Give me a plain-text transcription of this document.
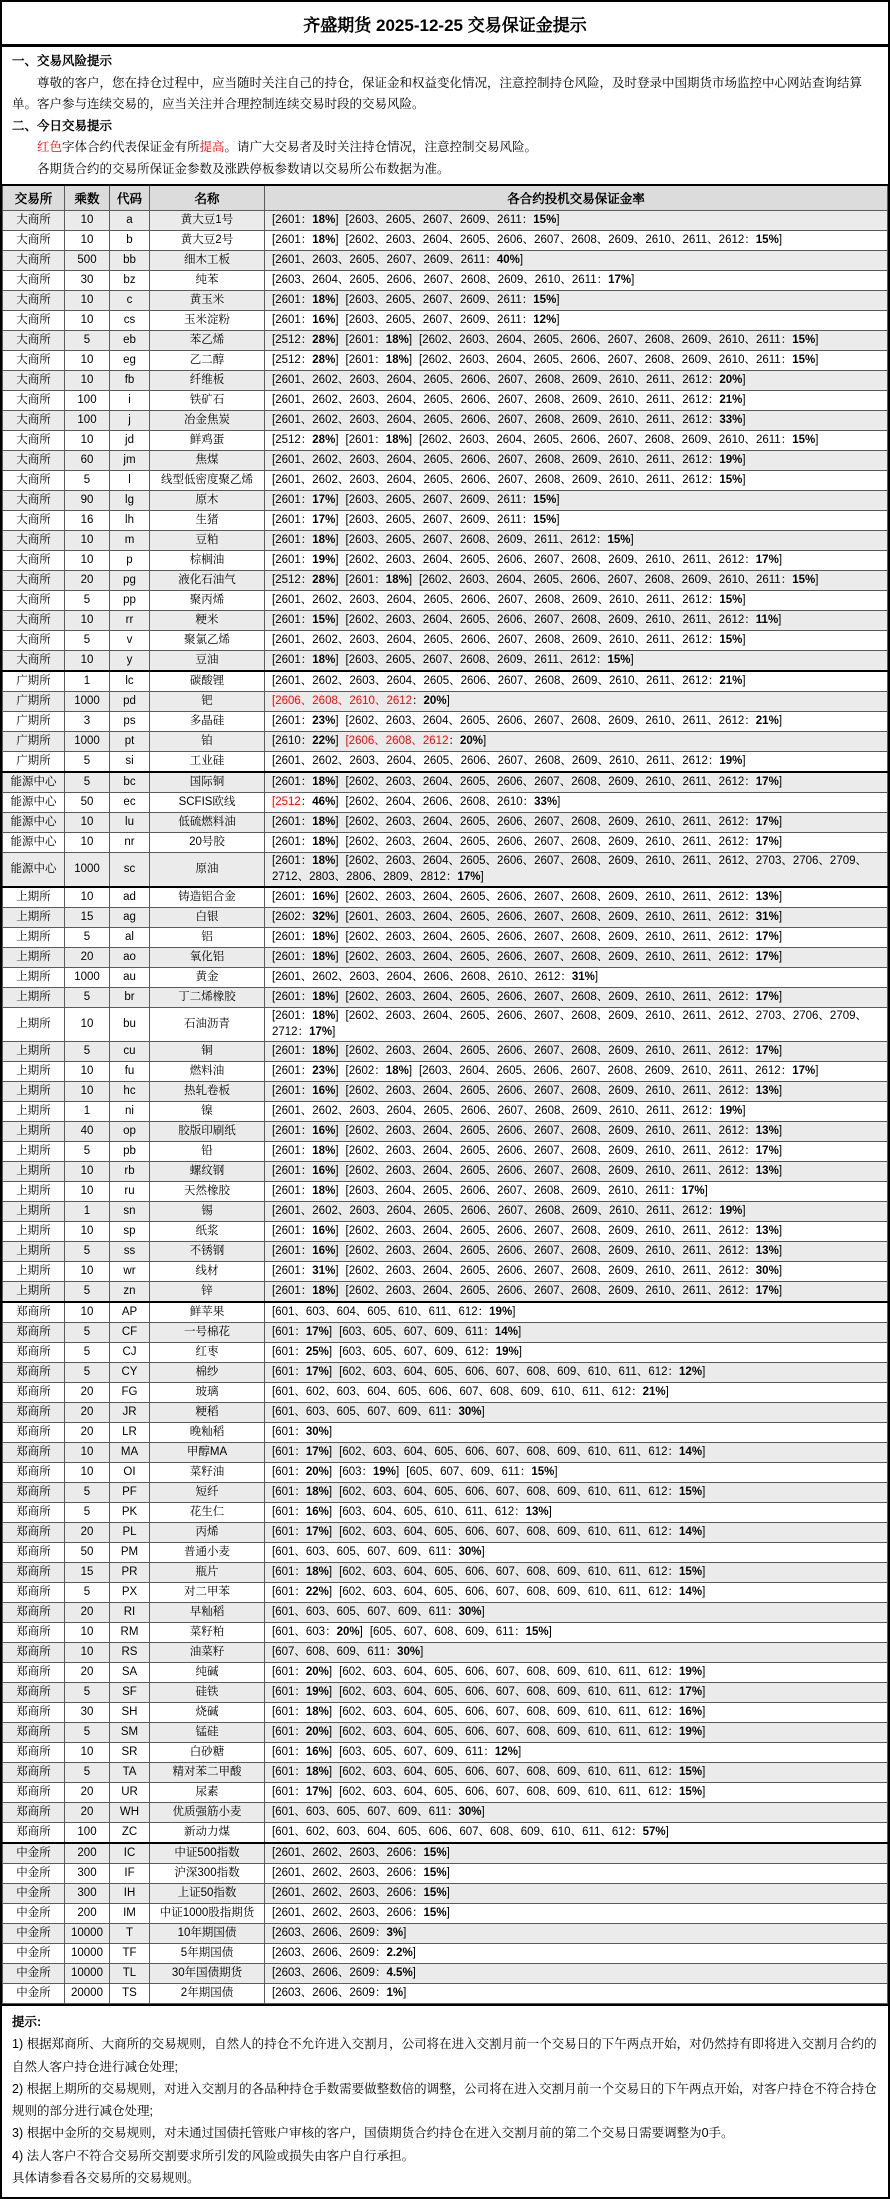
齐盛期货 2025-12-25 交易保证金提示
一、交易风险提示

尊敬的客户，您在持仓过程中，应当随时关注自己的持仓，保证金和权益变化情况，注意控制持仓风险，及时登录中国期货市场监控中心网站查询结算单。客户参与连续交易的，应当关注并合理控制连续交易时段的交易风险。

二、今日交易提示

红色字体合约代表保证金有所提高。请广大交易者及时关注持仓情况，注意控制交易风险。

各期货合约的交易所保证金参数及涨跌停板参数请以交易所公布数据为准。

交易所	乘数	代码	名称	各合约投机交易保证金率
大商所	10	a	黄大豆1号	[2601：18%] [2603、2605、2607、2609、2611：15%]
大商所	10	b	黄大豆2号	[2601：18%] [2602、2603、2604、2605、2606、2607、2608、2609、2610、2611、2612：15%]
大商所	500	bb	细木工板	[2601、2603、2605、2607、2609、2611：40%]
大商所	30	bz	纯苯	[2603、2604、2605、2606、2607、2608、2609、2610、2611：17%]
大商所	10	c	黄玉米	[2601：18%] [2603、2605、2607、2609、2611：15%]
大商所	10	cs	玉米淀粉	[2601：16%] [2603、2605、2607、2609、2611：12%]
大商所	5	eb	苯乙烯	[2512：28%] [2601：18%] [2602、2603、2604、2605、2606、2607、2608、2609、2610、2611：15%]
大商所	10	eg	乙二醇	[2512：28%] [2601：18%] [2602、2603、2604、2605、2606、2607、2608、2609、2610、2611：15%]
大商所	10	fb	纤维板	[2601、2602、2603、2604、2605、2606、2607、2608、2609、2610、2611、2612：20%]
大商所	100	i	铁矿石	[2601、2602、2603、2604、2605、2606、2607、2608、2609、2610、2611、2612：21%]
大商所	100	j	冶金焦炭	[2601、2602、2603、2604、2605、2606、2607、2608、2609、2610、2611、2612：33%]
大商所	10	jd	鲜鸡蛋	[2512：28%] [2601：18%] [2602、2603、2604、2605、2606、2607、2608、2609、2610、2611：15%]
大商所	60	jm	焦煤	[2601、2602、2603、2604、2605、2606、2607、2608、2609、2610、2611、2612：19%]
大商所	5	l	线型低密度聚乙烯	[2601、2602、2603、2604、2605、2606、2607、2608、2609、2610、2611、2612：15%]
大商所	90	lg	原木	[2601：17%] [2603、2605、2607、2609、2611：15%]
大商所	16	lh	生猪	[2601：17%] [2603、2605、2607、2609、2611：15%]
大商所	10	m	豆粕	[2601：18%] [2603、2605、2607、2608、2609、2611、2612：15%]
大商所	10	p	棕榈油	[2601：19%] [2602、2603、2604、2605、2606、2607、2608、2609、2610、2611、2612：17%]
大商所	20	pg	液化石油气	[2512：28%] [2601：18%] [2602、2603、2604、2605、2606、2607、2608、2609、2610、2611：15%]
大商所	5	pp	聚丙烯	[2601、2602、2603、2604、2605、2606、2607、2608、2609、2610、2611、2612：15%]
大商所	10	rr	粳米	[2601：15%] [2602、2603、2604、2605、2606、2607、2608、2609、2610、2611、2612：11%]
大商所	5	v	聚氯乙烯	[2601、2602、2603、2604、2605、2606、2607、2608、2609、2610、2611、2612：15%]
大商所	10	y	豆油	[2601：18%] [2603、2605、2607、2608、2609、2611、2612：15%]
广期所	1	lc	碳酸锂	[2601、2602、2603、2604、2605、2606、2607、2608、2609、2610、2611、2612：21%]
广期所	1000	pd	钯	[2606、2608、2610、2612：20%]
广期所	3	ps	多晶硅	[2601：23%] [2602、2603、2604、2605、2606、2607、2608、2609、2610、2611、2612：21%]
广期所	1000	pt	铂	[2610：22%] [2606、2608、2612：20%]
广期所	5	si	工业硅	[2601、2602、2603、2604、2605、2606、2607、2608、2609、2610、2611、2612：19%]
能源中心	5	bc	国际铜	[2601：18%] [2602、2603、2604、2605、2606、2607、2608、2609、2610、2611、2612：17%]
能源中心	50	ec	SCFIS欧线	[2512：46%] [2602、2604、2606、2608、2610：33%]
能源中心	10	lu	低硫燃料油	[2601：18%] [2602、2603、2604、2605、2606、2607、2608、2609、2610、2611、2612：17%]
能源中心	10	nr	20号胶	[2601：18%] [2602、2603、2604、2605、2606、2607、2608、2609、2610、2611、2612：17%]
能源中心	1000	sc	原油	[2601：18%] [2602、2603、2604、2605、2606、2607、2608、2609、2610、2611、2612、2703、2706、2709、2712、2803、2806、2809、2812：17%]
上期所	10	ad	铸造铝合金	[2601：16%] [2602、2603、2604、2605、2606、2607、2608、2609、2610、2611、2612：13%]
上期所	15	ag	白银	[2602：32%] [2601、2603、2604、2605、2606、2607、2608、2609、2610、2611、2612：31%]
上期所	5	al	铝	[2601：18%] [2602、2603、2604、2605、2606、2607、2608、2609、2610、2611、2612：17%]
上期所	20	ao	氧化铝	[2601：18%] [2602、2603、2604、2605、2606、2607、2608、2609、2610、2611、2612：17%]
上期所	1000	au	黄金	[2601、2602、2603、2604、2606、2608、2610、2612：31%]
上期所	5	br	丁二烯橡胶	[2601：18%] [2602、2603、2604、2605、2606、2607、2608、2609、2610、2611、2612：17%]
上期所	10	bu	石油沥青	[2601：18%] [2602、2603、2604、2605、2606、2607、2608、2609、2610、2611、2612、2703、2706、2709、2712：17%]
上期所	5	cu	铜	[2601：18%] [2602、2603、2604、2605、2606、2607、2608、2609、2610、2611、2612：17%]
上期所	10	fu	燃料油	[2601：23%] [2602：18%] [2603、2604、2605、2606、2607、2608、2609、2610、2611、2612：17%]
上期所	10	hc	热轧卷板	[2601：16%] [2602、2603、2604、2605、2606、2607、2608、2609、2610、2611、2612：13%]
上期所	1	ni	镍	[2601、2602、2603、2604、2605、2606、2607、2608、2609、2610、2611、2612：19%]
上期所	40	op	胶版印刷纸	[2601：16%] [2602、2603、2604、2605、2606、2607、2608、2609、2610、2611、2612：13%]
上期所	5	pb	铅	[2601：18%] [2602、2603、2604、2605、2606、2607、2608、2609、2610、2611、2612：17%]
上期所	10	rb	螺纹钢	[2601：16%] [2602、2603、2604、2605、2606、2607、2608、2609、2610、2611、2612：13%]
上期所	10	ru	天然橡胶	[2601：18%] [2603、2604、2605、2606、2607、2608、2609、2610、2611：17%]
上期所	1	sn	锡	[2601、2602、2603、2604、2605、2606、2607、2608、2609、2610、2611、2612：19%]
上期所	10	sp	纸浆	[2601：16%] [2602、2603、2604、2605、2606、2607、2608、2609、2610、2611、2612：13%]
上期所	5	ss	不锈钢	[2601：16%] [2602、2603、2604、2605、2606、2607、2608、2609、2610、2611、2612：13%]
上期所	10	wr	线材	[2601：31%] [2602、2603、2604、2605、2606、2607、2608、2609、2610、2611、2612：30%]
上期所	5	zn	锌	[2601：18%] [2602、2603、2604、2605、2606、2607、2608、2609、2610、2611、2612：17%]
郑商所	10	AP	鲜苹果	[601、603、604、605、610、611、612：19%]
郑商所	5	CF	一号棉花	[601：17%] [603、605、607、609、611：14%]
郑商所	5	CJ	红枣	[601：25%] [603、605、607、609、612：19%]
郑商所	5	CY	棉纱	[601：17%] [602、603、604、605、606、607、608、609、610、611、612：12%]
郑商所	20	FG	玻璃	[601、602、603、604、605、606、607、608、609、610、611、612：21%]
郑商所	20	JR	粳稻	[601、603、605、607、609、611：30%]
郑商所	20	LR	晚籼稻	[601：30%]
郑商所	10	MA	甲醇MA	[601：17%] [602、603、604、605、606、607、608、609、610、611、612：14%]
郑商所	10	OI	菜籽油	[601：20%] [603：19%] [605、607、609、611：15%]
郑商所	5	PF	短纤	[601：18%] [602、603、604、605、606、607、608、609、610、611、612：15%]
郑商所	5	PK	花生仁	[601：16%] [603、604、605、610、611、612：13%]
郑商所	20	PL	丙烯	[601：17%] [602、603、604、605、606、607、608、609、610、611、612：14%]
郑商所	50	PM	普通小麦	[601、603、605、607、609、611：30%]
郑商所	15	PR	瓶片	[601：18%] [602、603、604、605、606、607、608、609、610、611、612：15%]
郑商所	5	PX	对二甲苯	[601：22%] [602、603、604、605、606、607、608、609、610、611、612：14%]
郑商所	20	RI	早籼稻	[601、603、605、607、609、611：30%]
郑商所	10	RM	菜籽粕	[601、603：20%] [605、607、608、609、611：15%]
郑商所	10	RS	油菜籽	[607、608、609、611：30%]
郑商所	20	SA	纯碱	[601：20%] [602、603、604、605、606、607、608、609、610、611、612：19%]
郑商所	5	SF	硅铁	[601：19%] [602、603、604、605、606、607、608、609、610、611、612：17%]
郑商所	30	SH	烧碱	[601：18%] [602、603、604、605、606、607、608、609、610、611、612：16%]
郑商所	5	SM	锰硅	[601：20%] [602、603、604、605、606、607、608、609、610、611、612：19%]
郑商所	10	SR	白砂糖	[601：16%] [603、605、607、609、611：12%]
郑商所	5	TA	精对苯二甲酸	[601：18%] [602、603、604、605、606、607、608、609、610、611、612：15%]
郑商所	20	UR	尿素	[601：17%] [602、603、604、605、606、607、608、609、610、611、612：15%]
郑商所	20	WH	优质强筋小麦	[601、603、605、607、609、611：30%]
郑商所	100	ZC	新动力煤	[601、602、603、604、605、606、607、608、609、610、611、612：57%]
中金所	200	IC	中证500指数	[2601、2602、2603、2606：15%]
中金所	300	IF	沪深300指数	[2601、2602、2603、2606：15%]
中金所	300	IH	上证50指数	[2601、2602、2603、2606：15%]
中金所	200	IM	中证1000股指期货	[2601、2602、2603、2606：15%]
中金所	10000	T	10年期国债	[2603、2606、2609：3%]
中金所	10000	TF	5年期国债	[2603、2606、2609：2.2%]
中金所	10000	TL	30年国债期货	[2603、2606、2609：4.5%]
中金所	20000	TS	2年期国债	[2603、2606、2609：1%]

提示:

1) 根据郑商所、大商所的交易规则，自然人的持仓不允许进入交割月，公司将在进入交割月前一个交易日的下午两点开始，对仍然持有即将进入交割月合约的自然人客户持仓进行减仓处理;

2) 根据上期所的交易规则，对进入交割月的各品种持仓手数需要做整数倍的调整，公司将在进入交割月前一个交易日的下午两点开始，对客户持仓不符合持仓规则的部分进行减仓处理;

3) 根据中金所的交易规则，对未通过国债托管账户审核的客户，国债期货合约持仓在进入交割月前的第二个交易日需要调整为0手。

4) 法人客户不符合交易所交割要求所引发的风险或损失由客户自行承担。

具体请参看各交易所的交易规则。
